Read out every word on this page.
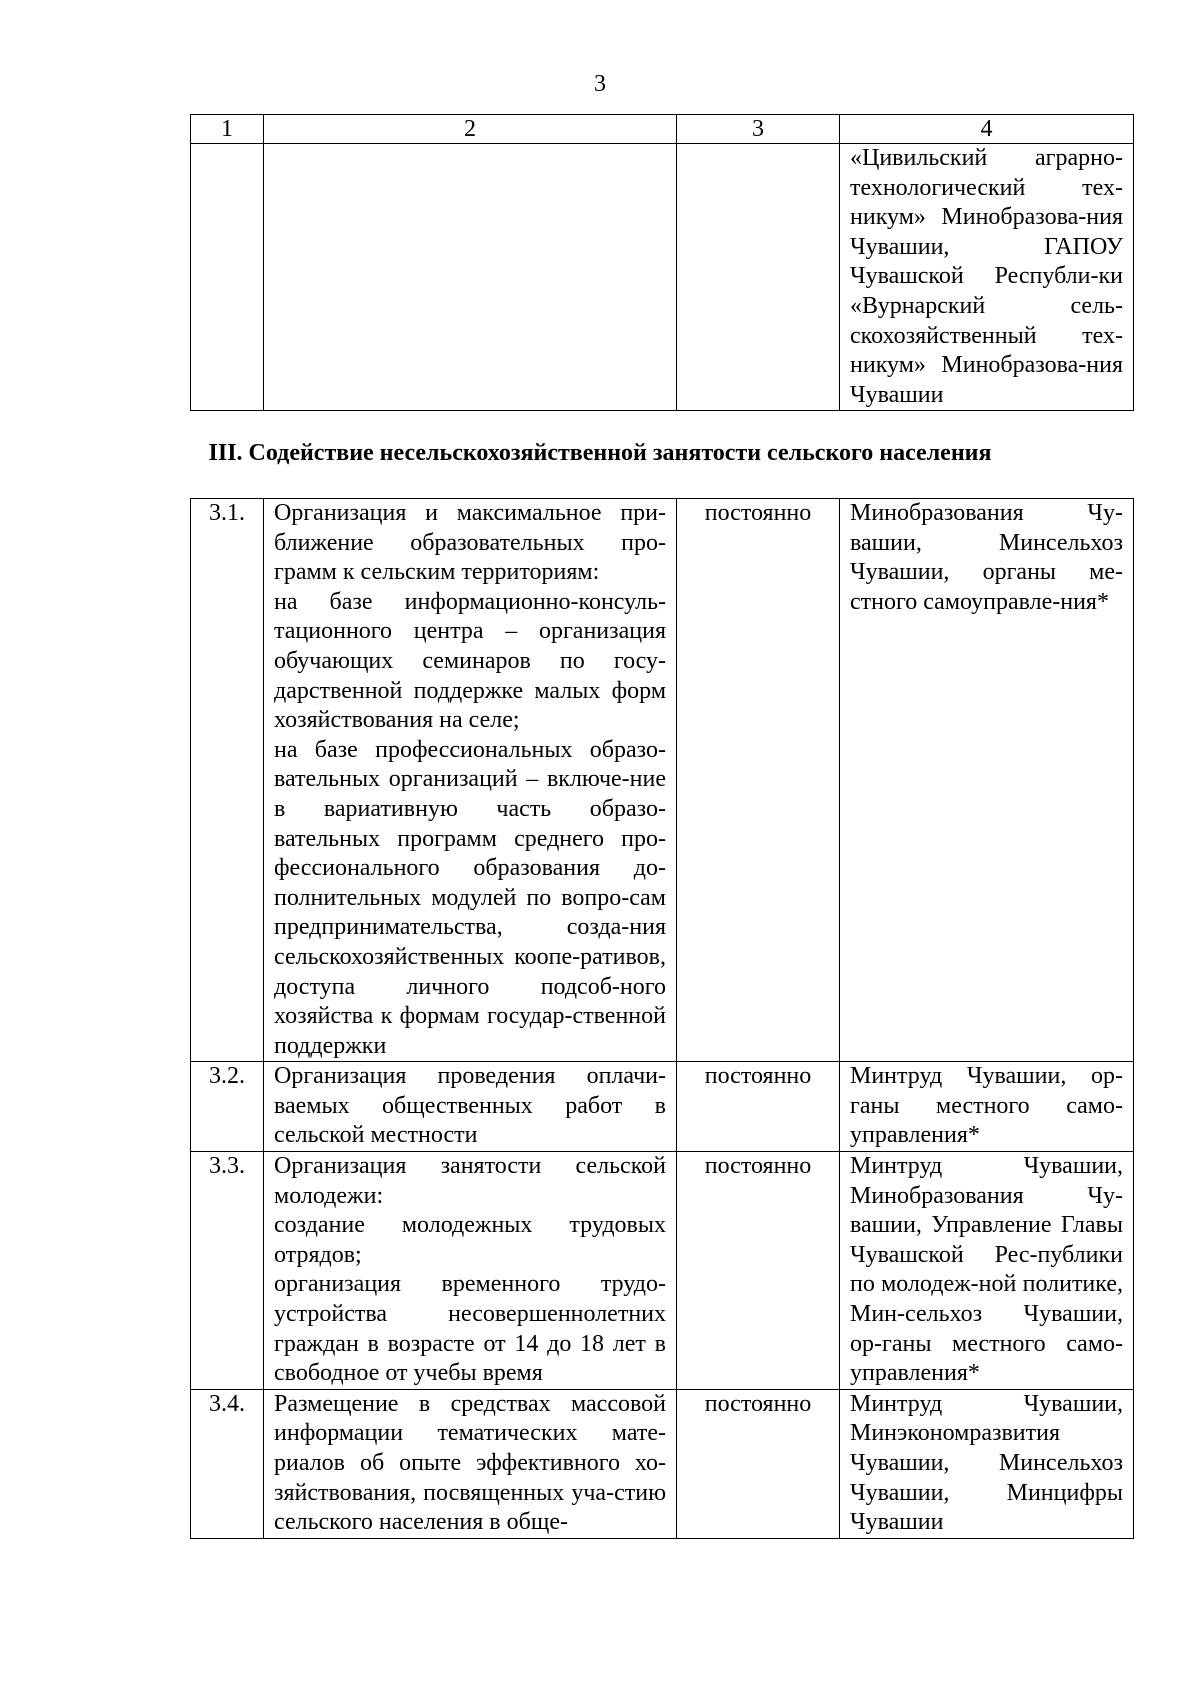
3
1	2	3	4
			«Цивильский аграрно-технологический тех-никум» Минобразова-ния Чувашии, ГАПОУ Чувашской Республи-ки «Вурнарский сель-скохозяйственный тех-никум» Минобразова-ния Чувашии
III. Содействие несельскохозяйственной занятости сельского населения
3.1.	Организация и максимальное при-ближение образовательных про-грамм к сельским территориям:
на базе информационно-консуль-тационного центра – организация обучающих семинаров по госу-дарственной поддержке малых форм хозяйствования на селе;
на базе профессиональных образо-вательных организаций – включе-ние в вариативную часть образо-вательных программ среднего про-фессионального образования до-полнительных модулей по вопро-сам предпринимательства, созда-ния сельскохозяйственных коопе-ративов, доступа личного подсоб-ного хозяйства к формам государ-ственной поддержки	постоянно	Минобразования Чу-вашии, Минсельхоз Чувашии, органы ме-стного самоуправле-ния*
3.2.	Организация проведения оплачи-ваемых общественных работ в сельской местности	постоянно	Минтруд Чувашии, ор-ганы местного само-управления*
3.3.	Организация занятости сельской молодежи:
создание молодежных трудовых отрядов;
организация временного трудо-устройства несовершеннолетних граждан в возрасте от 14 до 18 лет в свободное от учебы время	постоянно	Минтруд Чувашии, Минобразования Чу-вашии, Управление Главы Чувашской Рес-публики по молодеж-ной политике, Мин-сельхоз Чувашии, ор-ганы местного само-управления*
3.4.	Размещение в средствах массовой информации тематических мате-риалов об опыте эффективного хо-зяйствования, посвященных уча-стию сельского населения в обще-	постоянно	Минтруд Чувашии, Минэкономразвития Чувашии, Минсельхоз Чувашии, Минцифры Чувашии
